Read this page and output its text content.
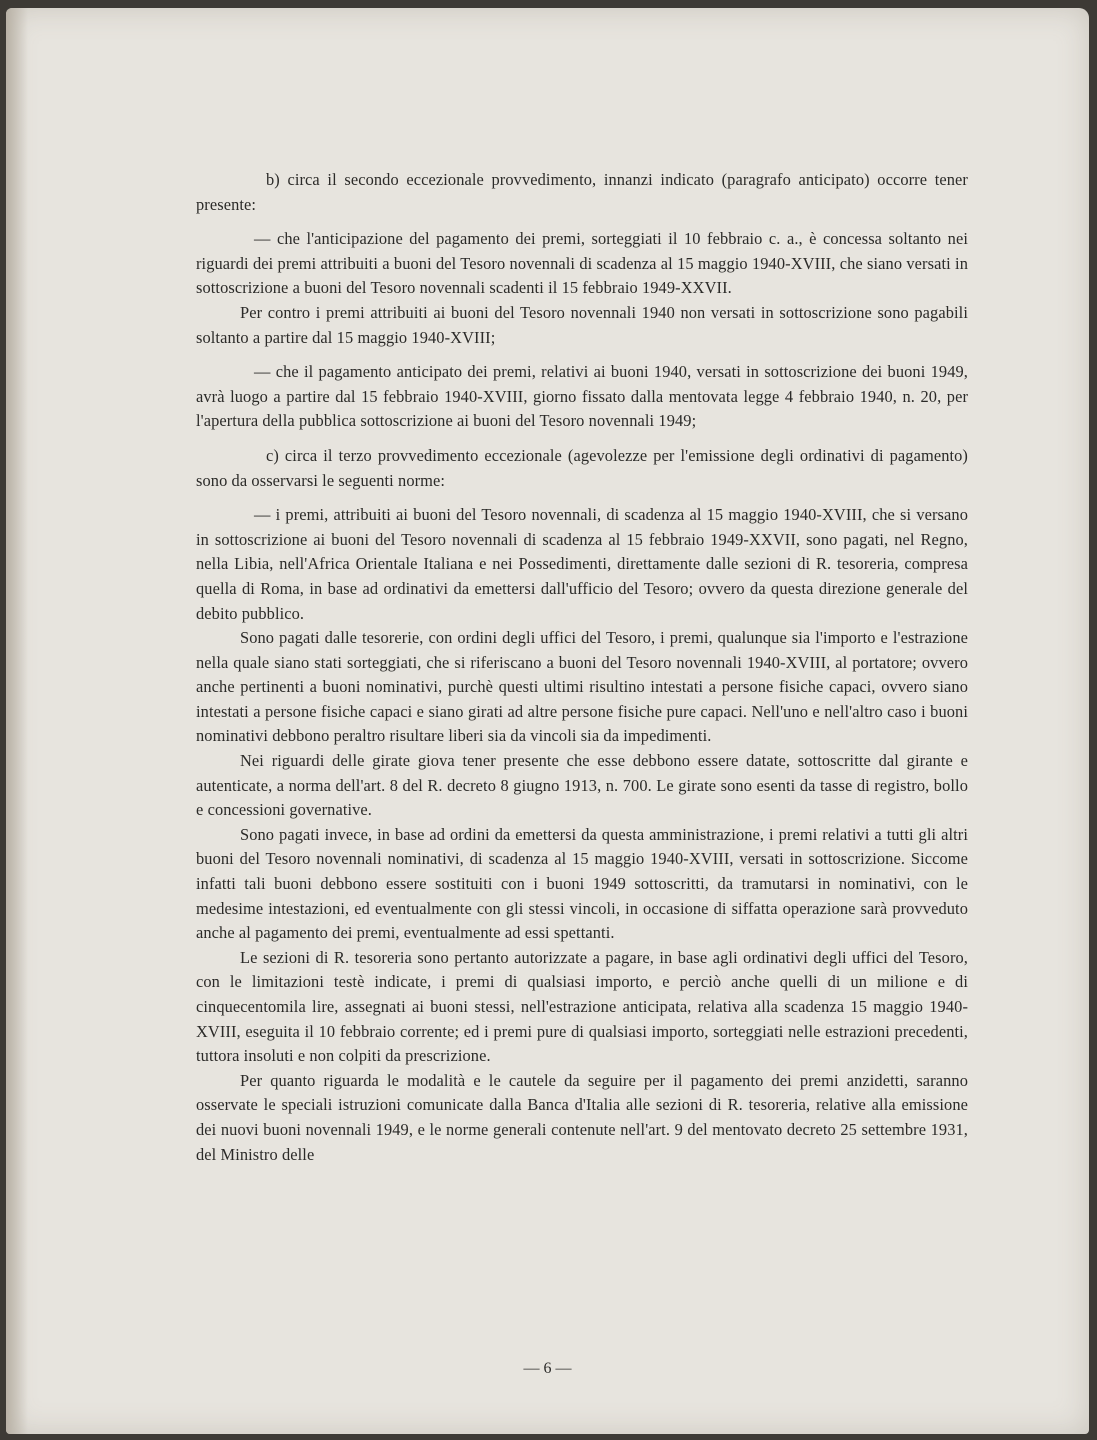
b) circa il secondo eccezionale provvedimento, innanzi indicato (paragrafo anticipato) occorre tener presente:

— che l'anticipazione del pagamento dei premi, sorteggiati il 10 febbraio c. a., è concessa soltanto nei riguardi dei premi attribuiti a buoni del Tesoro novennali di scadenza al 15 maggio 1940-XVIII, che siano versati in sottoscrizione a buoni del Tesoro novennali scadenti il 15 febbraio 1949-XXVII.

Per contro i premi attribuiti ai buoni del Tesoro novennali 1940 non versati in sottoscrizione sono pagabili soltanto a partire dal 15 maggio 1940-XVIII;

— che il pagamento anticipato dei premi, relativi ai buoni 1940, versati in sottoscrizione dei buoni 1949, avrà luogo a partire dal 15 febbraio 1940-XVIII, giorno fissato dalla mentovata legge 4 febbraio 1940, n. 20, per l'apertura della pubblica sottoscrizione ai buoni del Tesoro novennali 1949;

c) circa il terzo provvedimento eccezionale (agevolezze per l'emissione degli ordinativi di pagamento) sono da osservarsi le seguenti norme:

— i premi, attribuiti ai buoni del Tesoro novennali, di scadenza al 15 maggio 1940-XVIII, che si versano in sottoscrizione ai buoni del Tesoro novennali di scadenza al 15 febbraio 1949-XXVII, sono pagati, nel Regno, nella Libia, nell'Africa Orientale Italiana e nei Possedimenti, direttamente dalle sezioni di R. tesoreria, compresa quella di Roma, in base ad ordinativi da emettersi dall'ufficio del Tesoro; ovvero da questa direzione generale del debito pubblico.

Sono pagati dalle tesorerie, con ordini degli uffici del Tesoro, i premi, qualunque sia l'importo e l'estrazione nella quale siano stati sorteggiati, che si riferiscano a buoni del Tesoro novennali 1940-XVIII, al portatore; ovvero anche pertinenti a buoni nominativi, purchè questi ultimi risultino intestati a persone fisiche capaci, ovvero siano intestati a persone fisiche capaci e siano girati ad altre persone fisiche pure capaci. Nell'uno e nell'altro caso i buoni nominativi debbono peraltro risultare liberi sia da vincoli sia da impedimenti.

Nei riguardi delle girate giova tener presente che esse debbono essere datate, sottoscritte dal girante e autenticate, a norma dell'art. 8 del R. decreto 8 giugno 1913, n. 700. Le girate sono esenti da tasse di registro, bollo e concessioni governative.

Sono pagati invece, in base ad ordini da emettersi da questa amministrazione, i premi relativi a tutti gli altri buoni del Tesoro novennali nominativi, di scadenza al 15 maggio 1940-XVIII, versati in sottoscrizione. Siccome infatti tali buoni debbono essere sostituiti con i buoni 1949 sottoscritti, da tramutarsi in nominativi, con le medesime intestazioni, ed eventualmente con gli stessi vincoli, in occasione di siffatta operazione sarà provveduto anche al pagamento dei premi, eventualmente ad essi spettanti.

Le sezioni di R. tesoreria sono pertanto autorizzate a pagare, in base agli ordinativi degli uffici del Tesoro, con le limitazioni testè indicate, i premi di qualsiasi importo, e perciò anche quelli di un milione e di cinquecentomila lire, assegnati ai buoni stessi, nell'estrazione anticipata, relativa alla scadenza 15 maggio 1940-XVIII, eseguita il 10 febbraio corrente; ed i premi pure di qualsiasi importo, sorteggiati nelle estrazioni precedenti, tuttora insoluti e non colpiti da prescrizione.

Per quanto riguarda le modalità e le cautele da seguire per il pagamento dei premi anzidetti, saranno osservate le speciali istruzioni comunicate dalla Banca d'Italia alle sezioni di R. tesoreria, relative alla emissione dei nuovi buoni novennali 1949, e le norme generali contenute nell'art. 9 del mentovato decreto 25 settembre 1931, del Ministro delle

— 6 —
